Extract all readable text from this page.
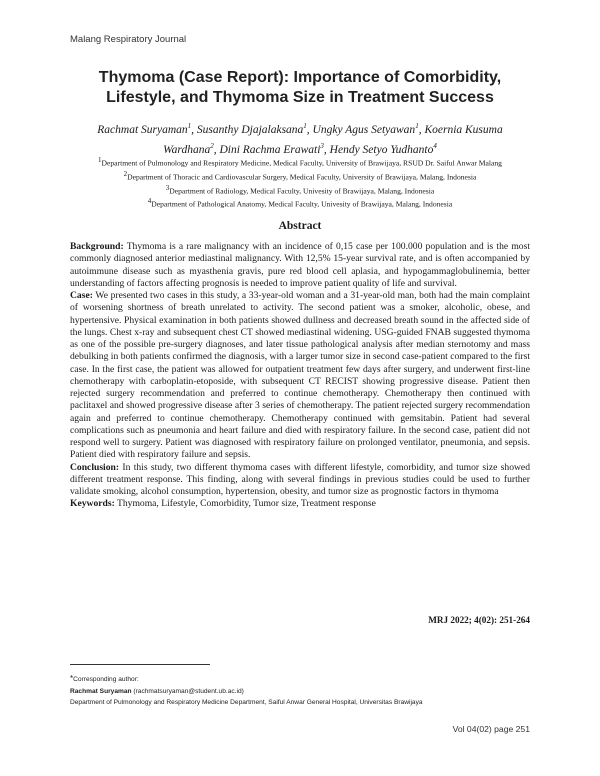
Malang Respiratory Journal
Thymoma (Case Report): Importance of Comorbidity,
Lifestyle, and Thymoma Size in Treatment Success
Rachmat Suryaman$^1$, Susanthy Djajalaksana$^1$, Ungky Agus Setyawan$^1$, Koernia Kusuma Wardhana$^2$, Dini Rachma Erawati$^3$, Hendy Setyo Yudhanto$^4$
$^1$Department of Pulmonology and Respiratory Medicine, Medical Faculty, University of Brawijaya, RSUD Dr. Saiful Anwar Malang
$^2$Department of Thoracic and Cardiovascular Surgery, Medical Faculty, University of Brawijaya, Malang, Indonesia
$^3$Department of Radiology, Medical Faculty, Univesity of Brawijaya, Malang, Indonesia
$^4$Department of Pathological Anatomy, Medical Faculty, Univesity of Brawijaya, Malang, Indonesia
Abstract

Background: Thymoma is a rare malignancy with an incidence of 0,15 case per 100.000 population and is the most commonly diagnosed anterior mediastinal malignancy. With 12,5% 15-year survival rate, and is often accompanied by autoimmune disease such as myasthenia gravis, pure red blood cell aplasia, and hypogammaglobulinemia, better understanding of factors affecting prognosis is needed to improve patient quality of life and survival.

Case: We presented two cases in this study, a 33-year-old woman and a 31-year-old man, both had the main complaint of worsening shortness of breath unrelated to activity. The second patient was a smoker, alcoholic, obese, and hypertensive. Physical examination in both patients showed dullness and decreased breath sound in the affected side of the lungs. Chest x-ray and subsequent chest CT showed mediastinal widening. USG-guided FNAB suggested thymoma as one of the possible pre-surgery diagnoses, and later tissue pathological analysis after median sternotomy and mass debulking in both patients confirmed the diagnosis, with a larger tumor size in second case-patient compared to the first case. In the first case, the patient was allowed for outpatient treatment few days after surgery, and underwent first-line chemotherapy with carboplatin-etoposide, with subsequent CT RECIST showing progressive disease. Patient then rejected surgery recommendation and preferred to continue chemotherapy. Chemotherapy then continued with paclitaxel and showed progressive disease after 3 series of chemotherapy. The patient rejected surgery recommendation again and preferred to continue chemotherapy. Chemotherapy continued with gemsitabin. Patient had several complications such as pneumonia and heart failure and died with respiratory failure. In the second case, patient did not respond well to surgery. Patient was diagnosed with respiratory failure on prolonged ventilator, pneumonia, and sepsis. Patient died with respiratory failure and sepsis.

Conclusion: In this study, two different thymoma cases with different lifestyle, comorbidity, and tumor size showed different treatment response. This finding, along with several findings in previous studies could be used to further validate smoking, alcohol consumption, hypertension, obesity, and tumor size as prognostic factors in thymoma

Keywords: Thymoma, Lifestyle, Comorbidity, Tumor size, Treatment response

MRJ 2022; 4(02): 251-264

*Corresponding author:

Rachmat Suryaman (rachmatsuryaman@student.ub.ac.id)

Department of Pulmonology and Respiratory Medicine Department, Saiful Anwar General Hospital, Universitas Brawijaya

Vol 04(02) page 251
